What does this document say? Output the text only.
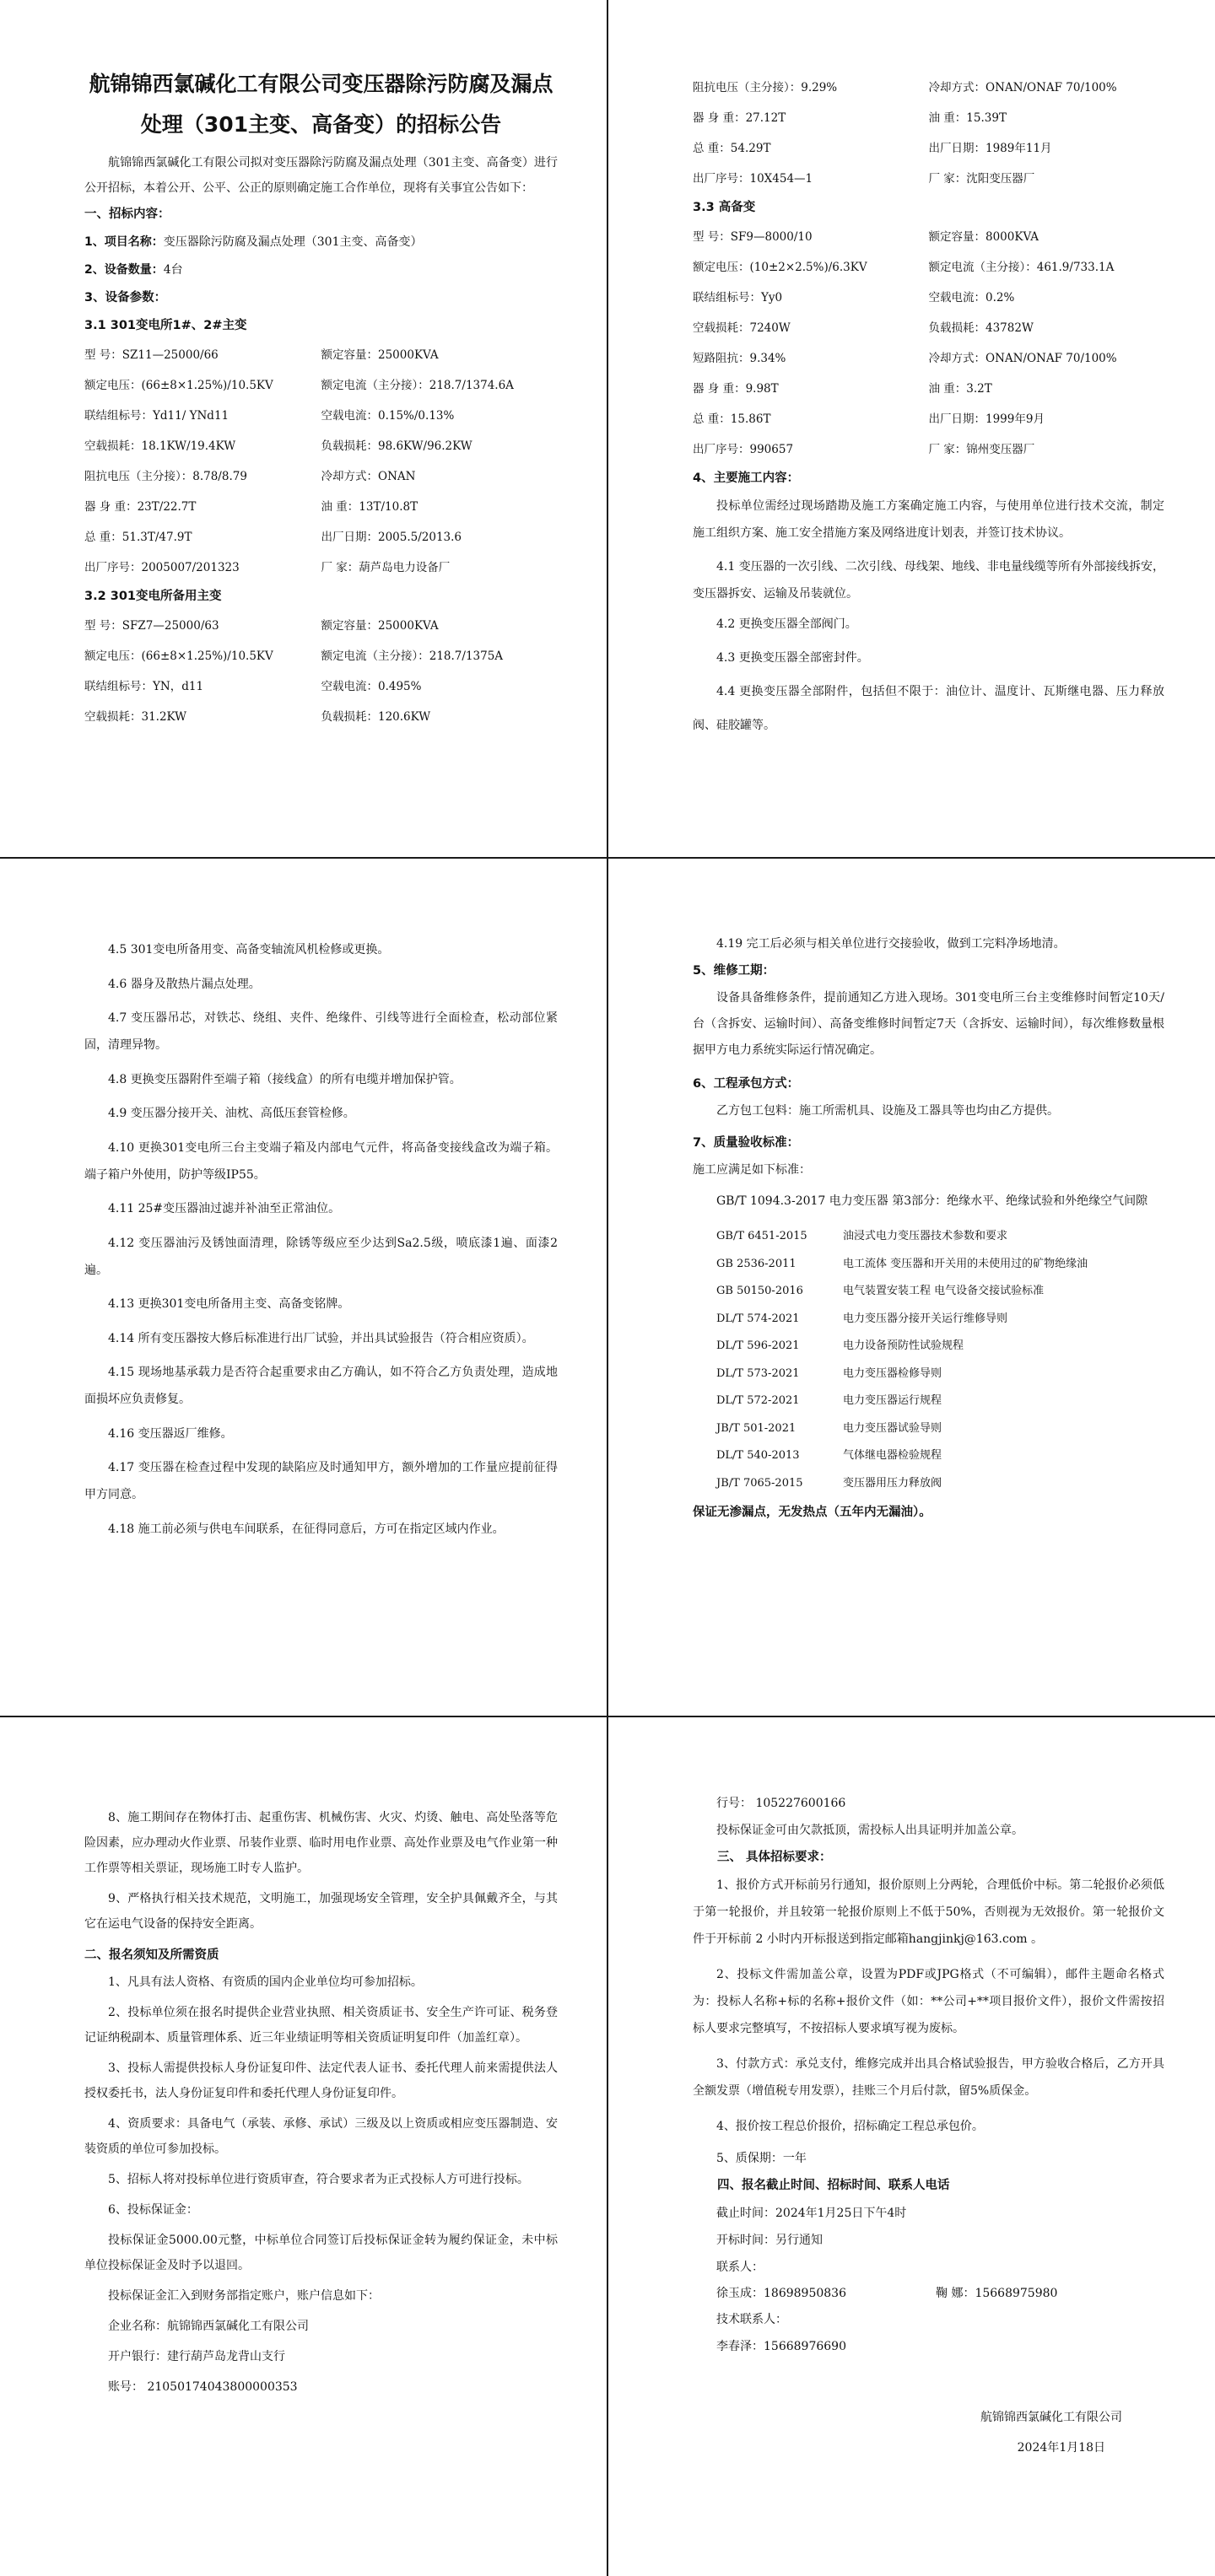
航锦锦西氯碱化工有限公司变压器除污防腐及漏点处理（301主变、高备变）的招标公告

航锦锦西氯碱化工有限公司拟对变压器除污防腐及漏点处理（301主变、高备变）进行公开招标，本着公开、公平、公正的原则确定施工合作单位，现将有关事宜公告如下：

一、招标内容：

1、项目名称：变压器除污防腐及漏点处理（301主变、高备变）

2、设备数量：4台

3、设备参数：

3.1 301变电所1#、2#主变

型 号：SZ11—25000/66	额定容量：25000KVA
额定电压：(66±8×1.25%)/10.5KV	额定电流（主分接）：218.7/1374.6A
联结组标号：Yd11/ YNd11	空载电流：0.15%/0.13%
空载损耗：18.1KW/19.4KW	负载损耗：98.6KW/96.2KW
阻抗电压（主分接）：8.78/8.79	冷却方式：ONAN
器 身 重：23T/22.7T	油 重：13T/10.8T
总 重：51.3T/47.9T	出厂日期：2005.5/2013.6
出厂序号：2005007/201323	厂 家：葫芦岛电力设备厂

3.2 301变电所备用主变

型 号：SFZ7—25000/63	额定容量：25000KVA
额定电压：(66±8×1.25%)/10.5KV	额定电流（主分接）：218.7/1375A
联结组标号：YN，d11	空载电流：0.495%
空载损耗：31.2KW	负载损耗：120.6KW
阻抗电压（主分接）：9.29%	冷却方式：ONAN/ONAF 70/100%
器 身 重：27.12T	油 重：15.39T
总 重：54.29T	出厂日期：1989年11月
出厂序号：10X454—1	厂 家：沈阳变压器厂

3.3 高备变

型 号：SF9—8000/10	额定容量：8000KVA
额定电压：(10±2×2.5%)/6.3KV	额定电流（主分接）：461.9/733.1A
联结组标号：Yy0	空载电流：0.2%
空载损耗：7240W	负载损耗：43782W
短路阻抗：9.34%	冷却方式：ONAN/ONAF 70/100%
器 身 重：9.98T	油 重：3.2T
总 重：15.86T	出厂日期：1999年9月
出厂序号：990657	厂 家：锦州变压器厂

4、主要施工内容：

投标单位需经过现场踏勘及施工方案确定施工内容，与使用单位进行技术交流，制定施工组织方案、施工安全措施方案及网络进度计划表，并签订技术协议。

4.1 变压器的一次引线、二次引线、母线架、地线、非电量线缆等所有外部接线拆安，变压器拆安、运输及吊装就位。

4.2 更换变压器全部阀门。

4.3 更换变压器全部密封件。

4.4 更换变压器全部附件，包括但不限于：油位计、温度计、瓦斯继电器、压力释放阀、硅胶罐等。

4.5 301变电所备用变、高备变轴流风机检修或更换。

4.6 器身及散热片漏点处理。

4.7 变压器吊芯，对铁芯、绕组、夹件、绝缘件、引线等进行全面检查，松动部位紧固，清理异物。

4.8 更换变压器附件至端子箱（接线盒）的所有电缆并增加保护管。

4.9 变压器分接开关、油枕、高低压套管检修。

4.10 更换301变电所三台主变端子箱及内部电气元件，将高备变接线盒改为端子箱。端子箱户外使用，防护等级IP55。

4.11 25#变压器油过滤并补油至正常油位。

4.12 变压器油污及锈蚀面清理，除锈等级应至少达到Sa2.5级，喷底漆1遍、面漆2遍。

4.13 更换301变电所备用主变、高备变铭牌。

4.14 所有变压器按大修后标准进行出厂试验，并出具试验报告（符合相应资质）。

4.15 现场地基承载力是否符合起重要求由乙方确认，如不符合乙方负责处理，造成地面损坏应负责修复。

4.16 变压器返厂维修。

4.17 变压器在检查过程中发现的缺陷应及时通知甲方，额外增加的工作量应提前征得甲方同意。

4.18 施工前必须与供电车间联系，在征得同意后，方可在指定区域内作业。

4.19 完工后必须与相关单位进行交接验收，做到工完料净场地清。

5、维修工期：

设备具备维修条件，提前通知乙方进入现场。301变电所三台主变维修时间暂定10天/台（含拆安、运输时间）、高备变维修时间暂定7天（含拆安、运输时间），每次维修数量根据甲方电力系统实际运行情况确定。

6、工程承包方式：

乙方包工包料：施工所需机具、设施及工器具等也均由乙方提供。

7、质量验收标准：

施工应满足如下标准：

GB/T 1094.3-2017 电力变压器 第3部分：绝缘水平、绝缘试验和外绝缘空气间隙

GB/T 6451-2015	油浸式电力变压器技术参数和要求
GB 2536-2011	电工流体 变压器和开关用的未使用过的矿物绝缘油
GB 50150-2016	电气装置安装工程 电气设备交接试验标准
DL/T 574-2021	电力变压器分接开关运行维修导则
DL/T 596-2021	电力设备预防性试验规程
DL/T 573-2021	电力变压器检修导则
DL/T 572-2021	电力变压器运行规程
JB/T 501-2021	电力变压器试验导则
DL/T 540-2013	气体继电器检验规程
JB/T 7065-2015	变压器用压力释放阀

保证无渗漏点，无发热点（五年内无漏油）。

8、施工期间存在物体打击、起重伤害、机械伤害、火灾、灼烫、触电、高处坠落等危险因素，应办理动火作业票、吊装作业票、临时用电作业票、高处作业票及电气作业第一种工作票等相关票证，现场施工时专人监护。

9、严格执行相关技术规范，文明施工，加强现场安全管理，安全护具佩戴齐全，与其它在运电气设备的保持安全距离。

二、报名须知及所需资质

1、凡具有法人资格、有资质的国内企业单位均可参加招标。

2、投标单位须在报名时提供企业营业执照、相关资质证书、安全生产许可证、税务登记证纳税副本、质量管理体系、近三年业绩证明等相关资质证明复印件（加盖红章）。

3、投标人需提供投标人身份证复印件、法定代表人证书、委托代理人前来需提供法人授权委托书，法人身份证复印件和委托代理人身份证复印件。

4、资质要求：具备电气（承装、承修、承试）三级及以上资质或相应变压器制造、安装资质的单位可参加投标。

5、招标人将对投标单位进行资质审查，符合要求者为正式投标人方可进行投标。

6、投标保证金：

投标保证金5000.00元整，中标单位合同签订后投标保证金转为履约保证金，未中标单位投标保证金及时予以退回。

投标保证金汇入到财务部指定账户，账户信息如下：

企业名称：航锦锦西氯碱化工有限公司

开户银行：建行葫芦岛龙背山支行

账号： 21050174043800000353

行号： 105227600166

投标保证金可由欠款抵顶，需投标人出具证明并加盖公章。

三、 具体招标要求：

1、报价方式开标前另行通知，报价原则上分两轮，合理低价中标。第二轮报价必须低于第一轮报价，并且较第一轮报价原则上不低于50%，否则视为无效报价。第一轮报价文件于开标前 2 小时内开标报送到指定邮箱hangjinkj@163.com 。

2、投标文件需加盖公章，设置为PDF或JPG格式（不可编辑），邮件主题命名格式为：投标人名称+标的名称+报价文件（如：**公司+**项目报价文件），报价文件需按招标人要求完整填写，不按招标人要求填写视为废标。

3、付款方式：承兑支付，维修完成并出具合格试验报告，甲方验收合格后，乙方开具全额发票（增值税专用发票），挂账三个月后付款，留5%质保金。

4、报价按工程总价报价，招标确定工程总承包价。

5、质保期：一年

四、报名截止时间、招标时间、联系人电话

截止时间：2024年1月25日下午4时

开标时间：另行通知

联系人：

徐玉成：18698950836	鞠 娜：15668975980

技术联系人：

李春泽：15668976690

航锦锦西氯碱化工有限公司

2024年1月18日
